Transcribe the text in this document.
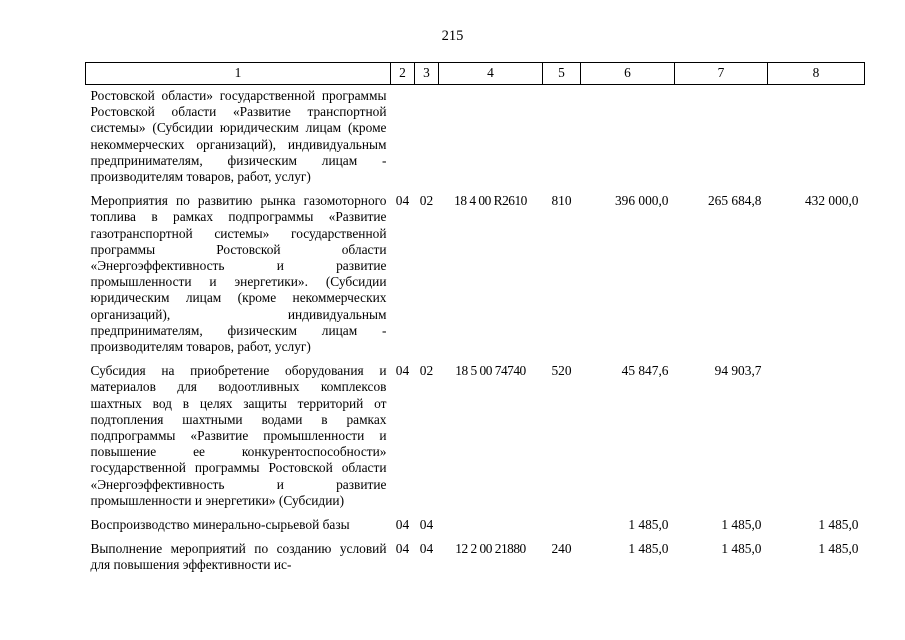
215
1	2	3	4	5	6	7	8
Ростовской области» государственной программы Ростовской области «Развитие транспортной системы» (Субсидии юридическим лицам (кроме некоммерческих организаций), индивидуальным предпринимателям, физическим лицам - производителям товаров, работ, услуг)							
Мероприятия по развитию рынка газомоторного топлива в рамках подпрограммы «Развитие газотранспортной системы» государственной программы Ростовской области «Энергоэффективность и развитие промышленности и энергетики». (Субсидии юридическим лицам (кроме некоммерческих организаций), индивидуальным предпринимателям, физическим лицам - производителям товаров, работ, услуг)	04	02	18 4 00 R2610	810	396 000,0	265 684,8	432 000,0
Субсидия на приобретение оборудования и материалов для водоотливных комплексов шахтных вод в целях защиты территорий от подтопления шахтными водами в рамках подпрограммы «Развитие промышленности и повышение ее конкурентоспособности» государственной программы Ростовской области «Энергоэффективность и развитие промышленности и энергетики» (Субсидии)	04	02	18 5 00 74740	520	45 847,6	94 903,7	
Воспроизводство минерально-сырьевой базы	04	04			1 485,0	1 485,0	1 485,0
Выполнение мероприятий по созданию условий для повышения эффективности ис-	04	04	12 2 00 21880	240	1 485,0	1 485,0	1 485,0
